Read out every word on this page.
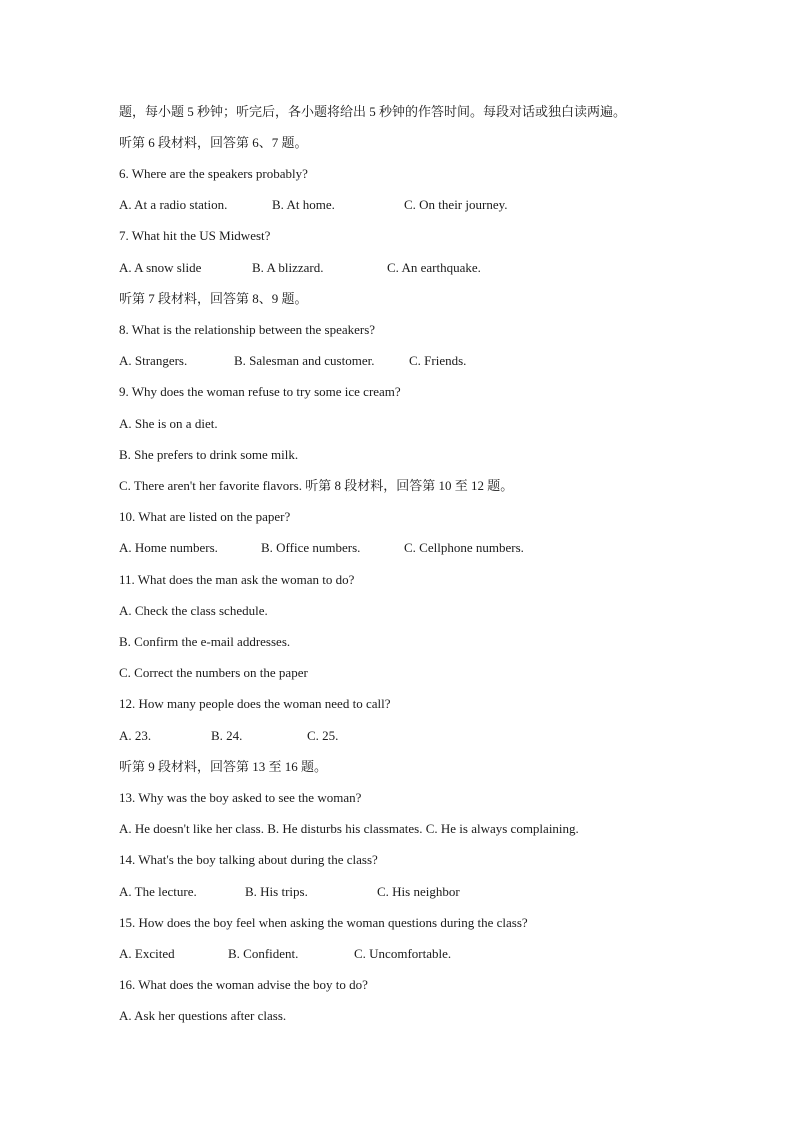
题，每小题 5 秒钟；听完后，各小题将给出 5 秒钟的作答时间。每段对话或独白读两遍。
听第 6 段材料，回答第 6、7 题。
6. Where are the speakers probably?
A. At a radio station.	B. At home.	C. On their journey.
7. What hit the US Midwest?
A. A snow slide	B. A blizzard.	C. An earthquake.
听第 7 段材料，回答第 8、9 题。
8. What is the relationship between the speakers?
A. Strangers.	B. Salesman and customer.	C. Friends.
9. Why does the woman refuse to try some ice cream?
A. She is on a diet.
B. She prefers to drink some milk.
C. There aren't her favorite flavors. 听第 8 段材料，回答第 10 至 12 题。
10. What are listed on the paper?
A. Home numbers.	B. Office numbers.	C. Cellphone numbers.
11. What does the man ask the woman to do?
A. Check the class schedule.
B. Confirm the e-mail addresses.
C. Correct the numbers on the paper
12. How many people does the woman need to call?
A. 23.	B. 24.	C. 25.
听第 9 段材料，回答第 13 至 16 题。
13. Why was the boy asked to see the woman?
A. He doesn't like her class. B. He disturbs his classmates. C. He is always complaining.
14. What's the boy talking about during the class?
A. The lecture.	B. His trips.	C. His neighbor
15. How does the boy feel when asking the woman questions during the class?
A. Excited	B. Confident.	C. Uncomfortable.
16. What does the woman advise the boy to do?
A. Ask her questions after class.
